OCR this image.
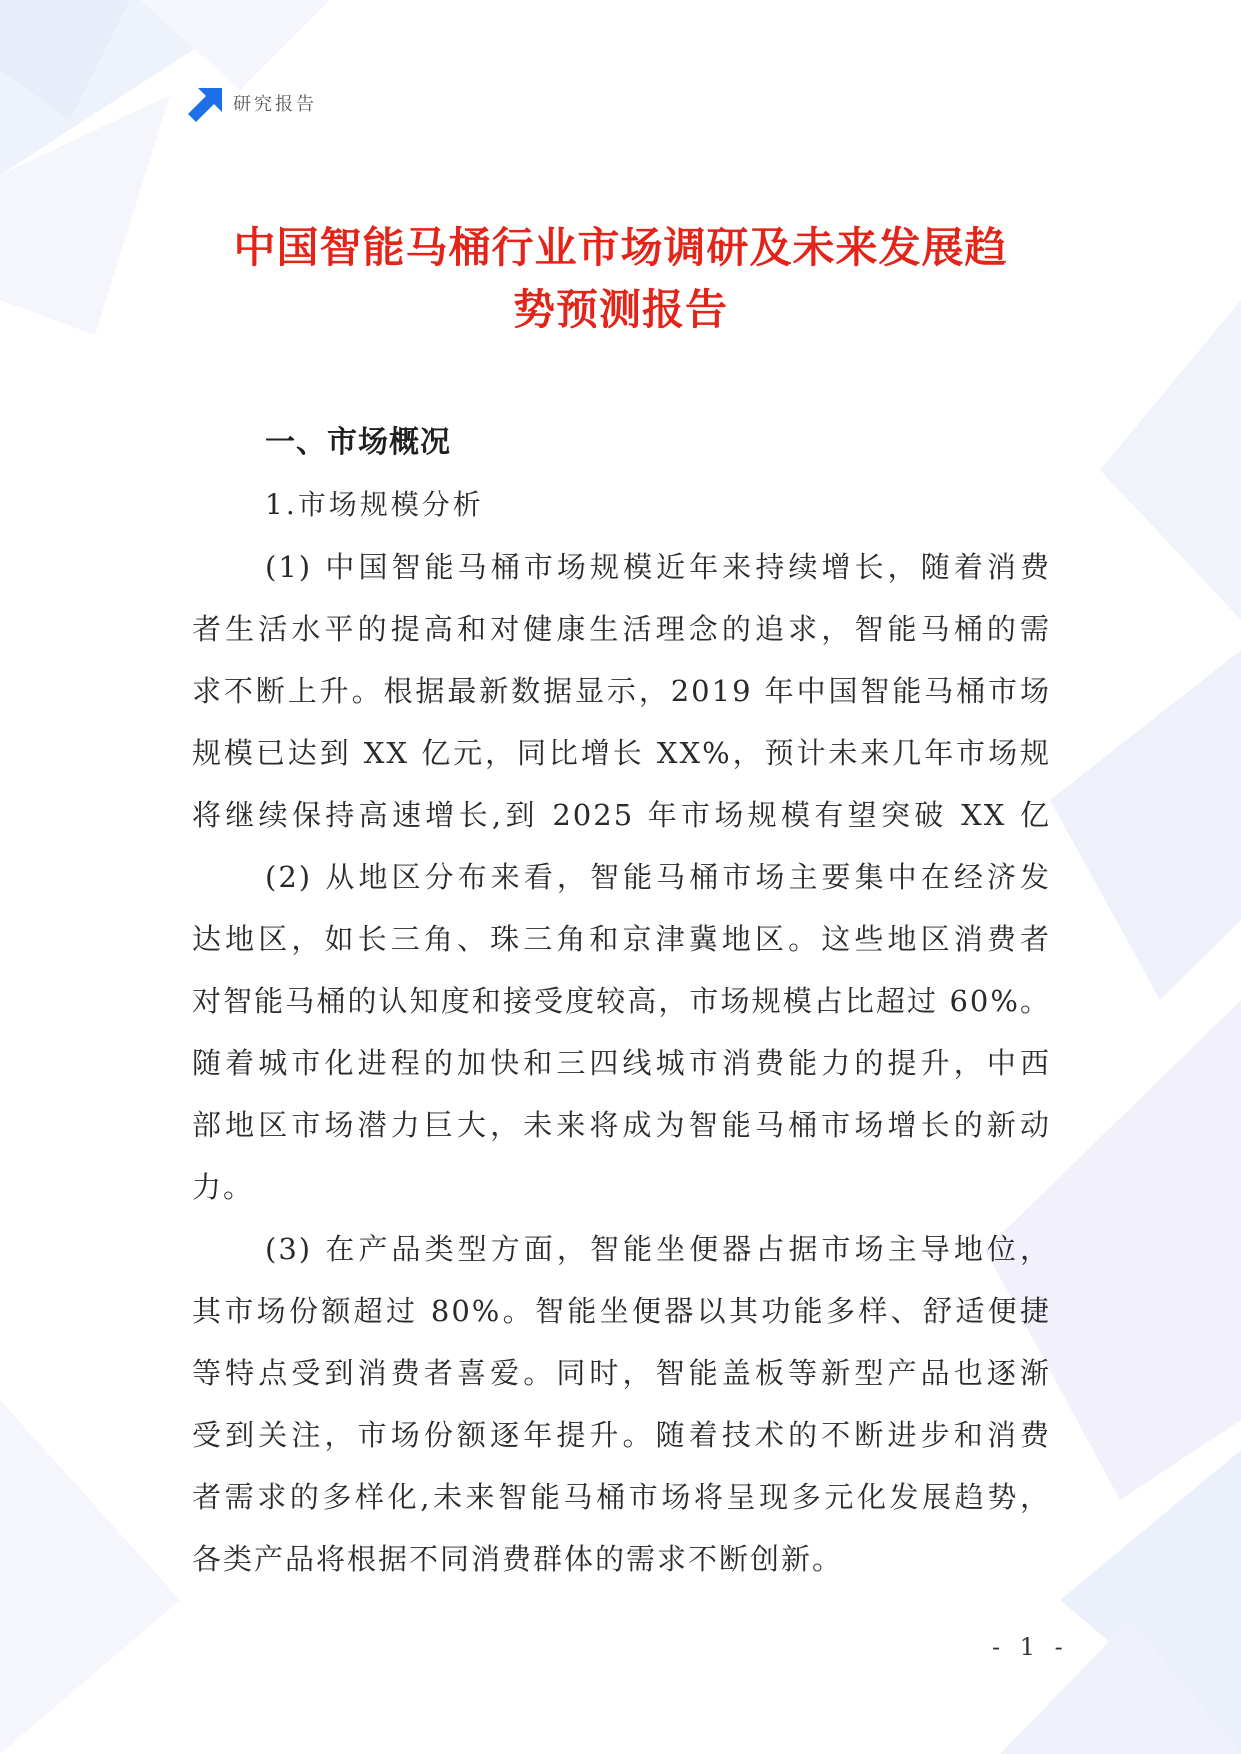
研究报告
中国智能马桶行业市场调研及未来发展趋
势预测报告
一、市场概况
1.市场规模分析
(1) 中国智能马桶市场规模近年来持续增长，随着消费
者生活水平的提高和对健康生活理念的追求，智能马桶的需
求不断上升。根据最新数据显示，2019 年中国智能马桶市场
规模已达到 XX 亿元，同比增长 XX%，预计未来几年市场规
将继续保持高速增长,到 2025 年市场规模有望突破 XX 亿
(2) 从地区分布来看，智能马桶市场主要集中在经济发
达地区，如长三角、珠三角和京津冀地区。这些地区消费者
对智能马桶的认知度和接受度较高，市场规模占比超过 60%。
随着城市化进程的加快和三四线城市消费能力的提升，中西
部地区市场潜力巨大，未来将成为智能马桶市场增长的新动
力。
(3) 在产品类型方面，智能坐便器占据市场主导地位，
其市场份额超过 80%。智能坐便器以其功能多样、舒适便捷
等特点受到消费者喜爱。同时，智能盖板等新型产品也逐渐
受到关注，市场份额逐年提升。随着技术的不断进步和消费
者需求的多样化,未来智能马桶市场将呈现多元化发展趋势，
各类产品将根据不同消费群体的需求不断创新。
- 1 -
